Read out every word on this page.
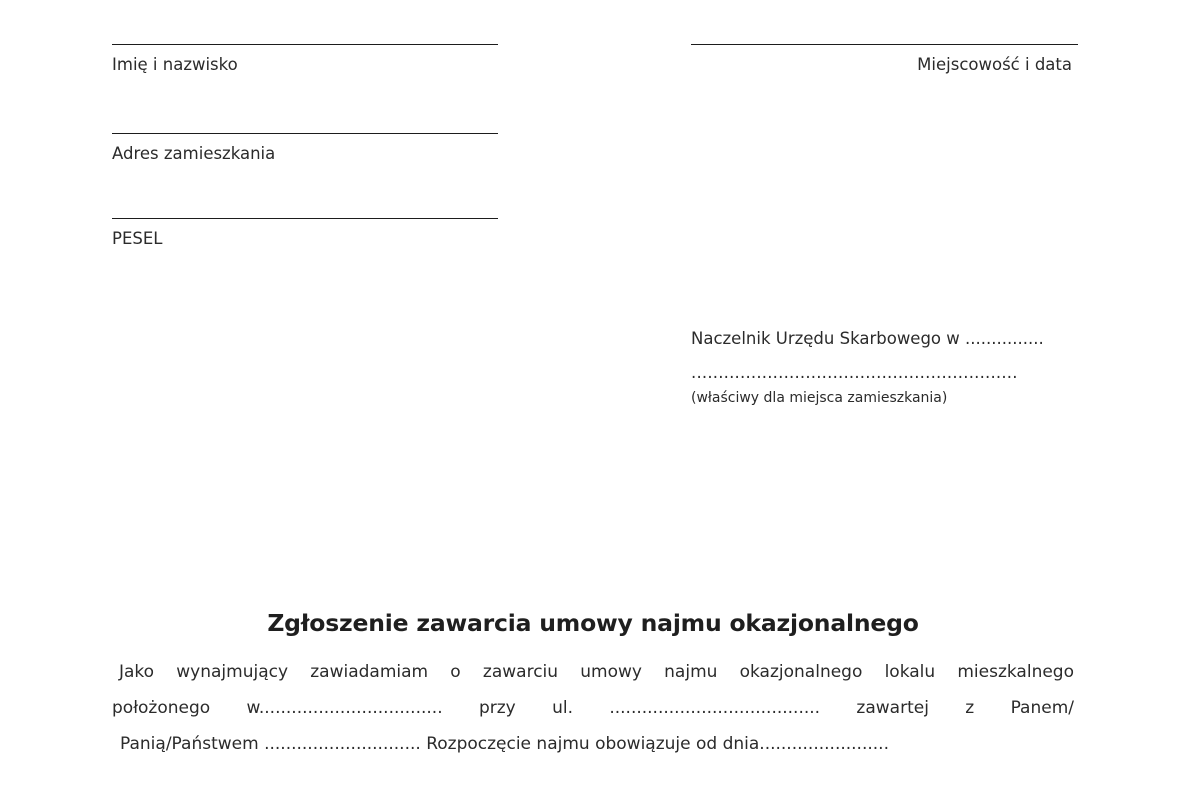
Imię i nazwisko
Adres zamieszkania
PESEL
Miejscowość i data
Naczelnik Urzędu Skarbowego w ...............
............................................................
(właściwy dla miejsca zamieszkania)
Zgłoszenie zawarcia umowy najmu okazjonalnego
Jako wynajmujący zawiadamiam o zawarciu umowy najmu okazjonalnego lokalu mieszkalnego
położonego w.................................. przy ul. ....................................... zawartej z Panem/
Panią/Państwem ............................. Rozpoczęcie najmu obowiązuje od dnia........................
